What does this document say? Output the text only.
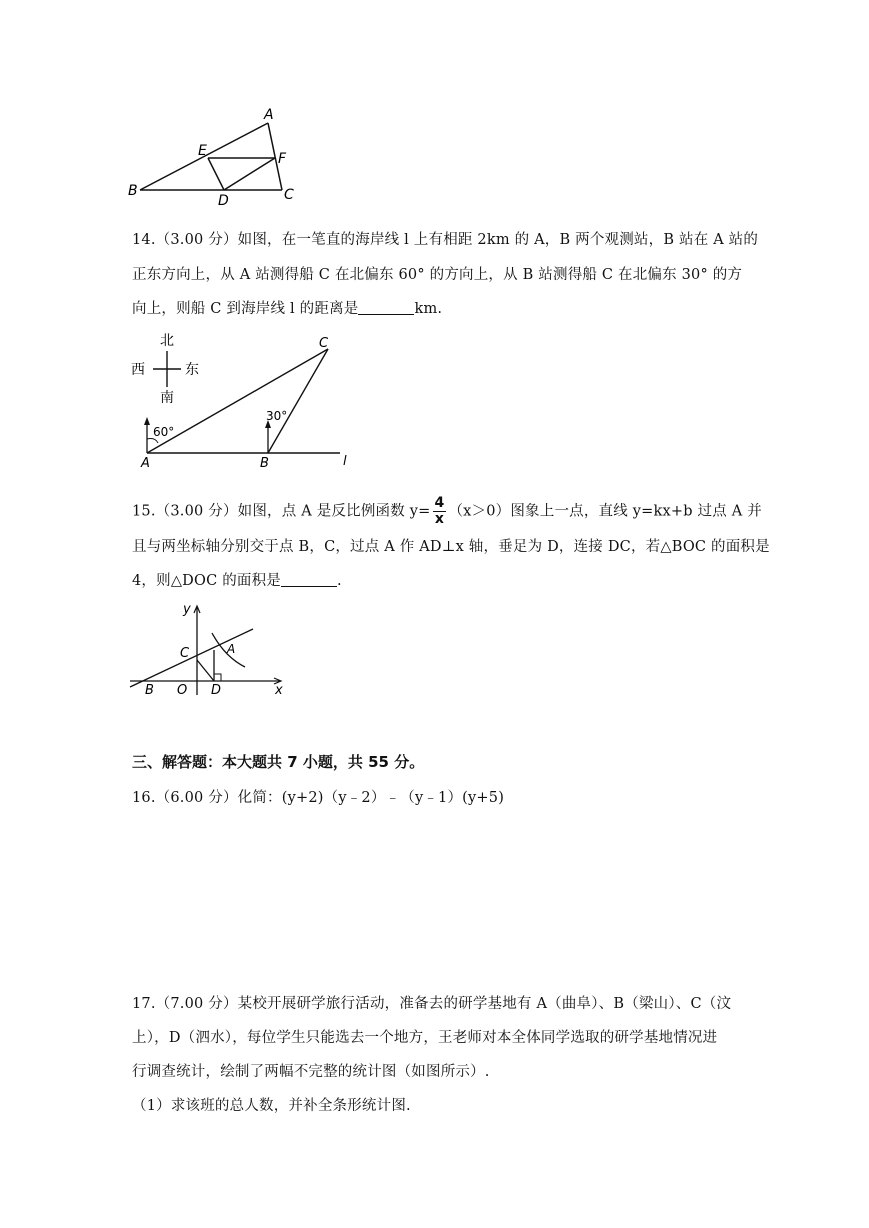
A
B	C
D
E	F
14.（3.00 分）如图，在一笔直的海岸线 l 上有相距 2km 的 A，B 两个观测站，B 站在 A 站的
正东方向上，从 A 站测得船 C 在北偏东 60° 的方向上，从 B 站测得船 C 在北偏东 30° 的方
向上，则船 C 到海岸线 l 的距离是	km.
北
西	东
南
60°
30°
A	B
C
l
15.（3.00 分）如图，点 A 是反比例函数 $y= \frac{4}{x} (x>0)$图象上一点，直线 y=kx+b 过点 A 并
且与两坐标轴分别交于点 B，C，过点 A 作 AD⊥x 轴，垂足为 D，连接 DC，若△BOC 的面积是
4，则△DOC 的面积是	.
y
x
A
B
C
D
O
三、解答题：本大题共 7 小题，共 55 分。
16.（6.00 分）化简：(y+2)（y﹣2）﹣（y﹣1）(y+5)
17.（7.00 分）某校开展研学旅行活动，准备去的研学基地有 A（曲阜）、B（梁山）、C（汶
上），D（泗水），每位学生只能选去一个地方，王老师对本全体同学选取的研学基地情况进
行调查统计，绘制了两幅不完整的统计图（如图所示）.
（1）求该班的总人数，并补全条形统计图.
